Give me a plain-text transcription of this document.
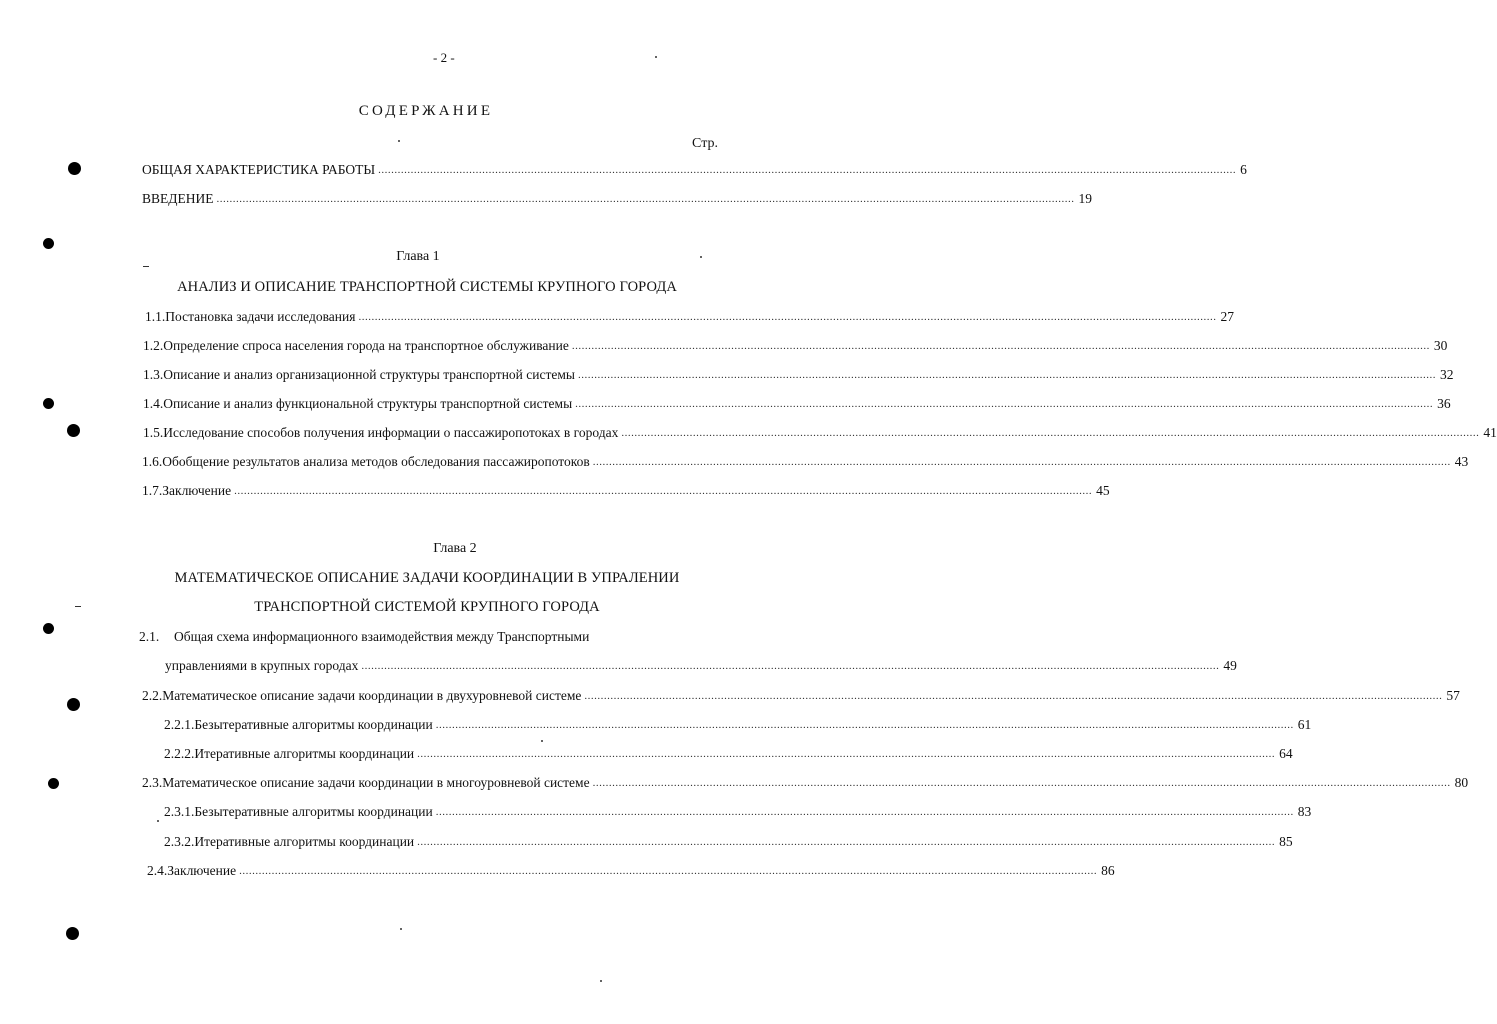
- 2 -
СОДЕРЖАНИЕ
Стр.
ОБЩАЯ ХАРАКТЕРИСТИКА РАБОТЫ ........................................................................................................................................................................................................................................................................ 6
ВВЕДЕНИЕ ........................................................................................................................................................................................................................................................................ 19
Глава 1
АНАЛИЗ И ОПИСАНИЕ ТРАНСПОРТНОЙ СИСТЕМЫ КРУПНОГО ГОРОДА
1.1. Постановка задачи исследования ........................................................................................................................................................................................................................................................................ 27
1.2. Определение спроса населения города на транспортное обслуживание ........................................................................................................................................................................................................................................................................ 30
1.3. Описание и анализ организационной структуры транспортной системы ........................................................................................................................................................................................................................................................................ 32
1.4. Описание и анализ функциональной структуры транспортной системы ........................................................................................................................................................................................................................................................................ 36
1.5. Исследование способов получения информации о пассажиропотоках в городах ........................................................................................................................................................................................................................................................................ 41
1.6. Обобщение результатов анализа методов обследования пассажиропотоков ........................................................................................................................................................................................................................................................................ 43
1.7. Заключение ........................................................................................................................................................................................................................................................................ 45
Глава 2
МАТЕМАТИЧЕСКОЕ ОПИСАНИЕ ЗАДАЧИ КООРДИНАЦИИ В УПРАЛЕНИИ
ТРАНСПОРТНОЙ СИСТЕМОЙ КРУПНОГО ГОРОДА
2.1. Общая схема информационного взаимодействия между Транспортными
управлениями в крупных городах ........................................................................................................................................................................................................................................................................ 49
2.2. Математическое описание задачи координации в двухуровневой системе ........................................................................................................................................................................................................................................................................ 57
2.2.1. Безытеративные алгоритмы координации ........................................................................................................................................................................................................................................................................ 61
2.2.2. Итеративные алгоритмы координации ........................................................................................................................................................................................................................................................................ 64
2.3. Математическое описание задачи координации в многоуровневой системе ........................................................................................................................................................................................................................................................................ 80
2.3.1. Безытеративные алгоритмы координации ........................................................................................................................................................................................................................................................................ 83
2.3.2. Итеративные алгоритмы координации ........................................................................................................................................................................................................................................................................ 85
2.4. Заключение ........................................................................................................................................................................................................................................................................ 86
